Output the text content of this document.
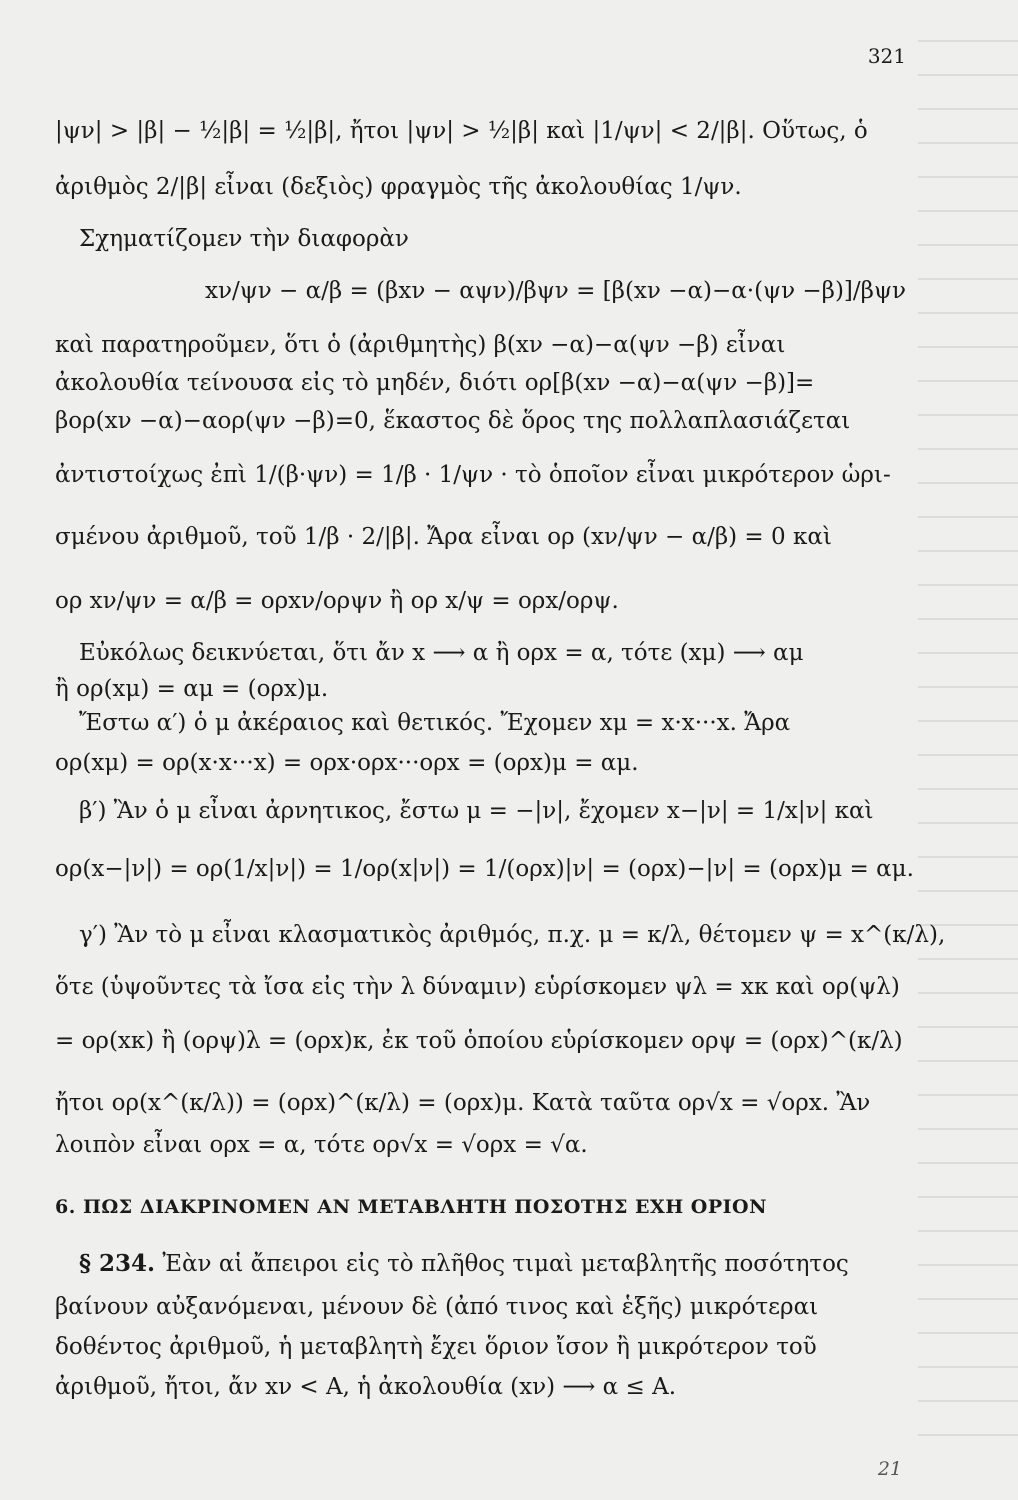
321
|ψν| > |β| − ½|β| = ½|β|, ἤτοι |ψν| > ½|β| καὶ |1/ψν| < 2/|β|. Οὕτως, ὁ
ἀριθμὸς 2/|β| εἶναι (δεξιὸς) φραγμὸς τῆς ἀκολουθίας 1/ψν.
Σχηματίζομεν τὴν διαφορὰν
xν/ψν − α/β = (βxν − αψν)/βψν = [β(xν −α)−α·(ψν −β)]/βψν
καὶ παρατηροῦμεν, ὅτι ὁ (ἀριθμητὴς) β(xν −α)−α(ψν −β) εἶναι
ἀκολουθία τείνουσα εἰς τὸ μηδέν, διότι ορ[β(xν −α)−α(ψν −β)]=
βορ(xν −α)−αορ(ψν −β)=0, ἕκαστος δὲ ὅρος της πολλαπλασιάζεται
ἀντιστοίχως ἐπὶ 1/(β·ψν) = 1/β · 1/ψν · τὸ ὁποῖον εἶναι μικρότερον ὡρι-
σμένου ἀριθμοῦ, τοῦ 1/β · 2/|β|. Ἄρα εἶναι ορ (xν/ψν − α/β) = 0 καὶ
ορ xν/ψν = α/β = ορxν/ορψν ἢ ορ x/ψ = ορx/ορψ.
Εὐκόλως δεικνύεται, ὅτι ἄν x ⟶ α ἢ ορx = α, τότε (xμ) ⟶ αμ
ἢ ορ(xμ) = αμ = (ορx)μ.
Ἔστω α′) ὁ μ ἀκέραιος καὶ θετικός. Ἔχομεν xμ = x·x···x. Ἄρα
ορ(xμ) = ορ(x·x···x) = ορx·ορx···ορx = (ορx)μ = αμ.
β′) Ἂν ὁ μ εἶναι ἀρνητικος, ἔστω μ = −|ν|, ἔχομεν x−|ν| = 1/x|ν| καὶ
ορ(x−|ν|) = ορ(1/x|ν|) = 1/ορ(x|ν|) = 1/(ορx)|ν| = (ορx)−|ν| = (ορx)μ = αμ.
γ′) Ἂν τὸ μ εἶναι κλασματικὸς ἀριθμός, π.χ. μ = κ/λ, θέτομεν ψ = x^(κ/λ),
ὅτε (ὑψοῦντες τὰ ἴσα εἰς τὴν λ δύναμιν) εὑρίσκομεν ψλ = xκ καὶ ορ(ψλ)
= ορ(xκ) ἢ (ορψ)λ = (ορx)κ, ἐκ τοῦ ὁποίου εὑρίσκομεν ορψ = (ορx)^(κ/λ)
ἤτοι ορ(x^(κ/λ)) = (ορx)^(κ/λ) = (ορx)μ. Κατὰ ταῦτα ορ√x = √ορx. Ἂν
λοιπὸν εἶναι ορx = α, τότε ορ√x = √ορx = √α.
§ 234. Ἐὰν αἱ ἄπειροι εἰς τὸ πλῆθος τιμαὶ μεταβλητῆς ποσότητος
βαίνουν αὐξανόμεναι, μένουν δὲ (ἀπό τινος καὶ ἑξῆς) μικρότεραι
δοθέντος ἀριθμοῦ, ἡ μεταβλητὴ ἔχει ὅριον ἴσον ἢ μικρότερον τοῦ
ἀριθμοῦ, ἤτοι, ἄν xν < Α, ἡ ἀκολουθία (xν) ⟶ α ≤ Α.
6. ΠΩΣ ΔΙΑΚΡΙΝΟΜΕΝ ΑΝ ΜΕΤΑΒΛΗΤΗ ΠΟΣΟΤΗΣ ΕΧΗ ΟΡΙΟΝ
21
